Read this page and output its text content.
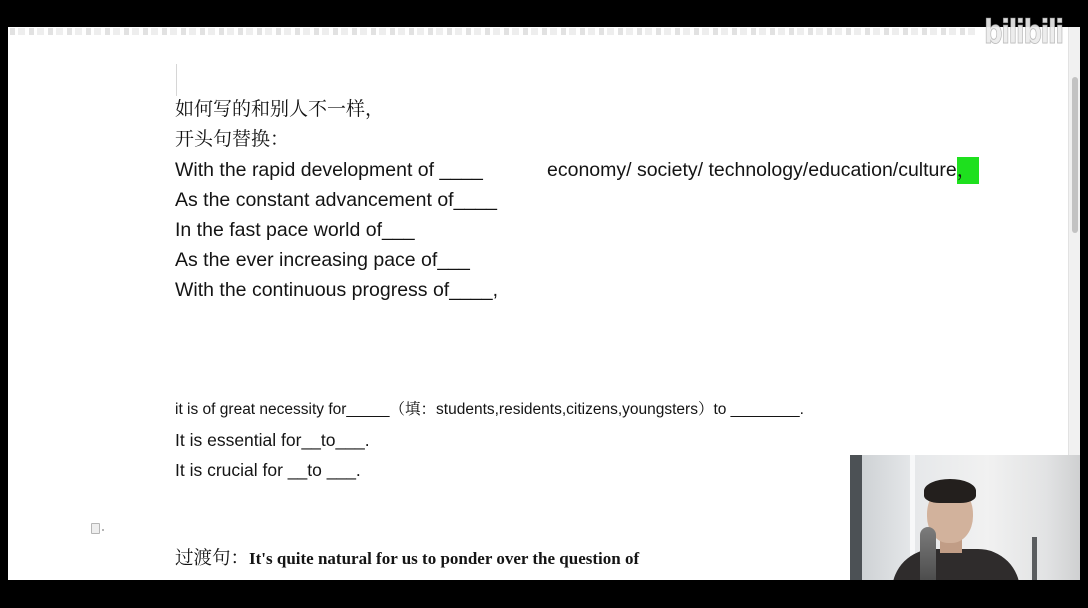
如何写的和别人不一样，
开头句替换：
With the rapid development of ____	economy/ society/ technology/education/culture，
As the constant advancement of____
In the fast pace world of___
As the ever increasing pace of___
With the continuous progress of____,
it is of great necessity for_____（填：students,residents,citizens,youngsters）to ________.
It is essential for__to___.
It is crucial for __to ___.
过渡句：It's quite natural for us to ponder over the question of
bilibili
